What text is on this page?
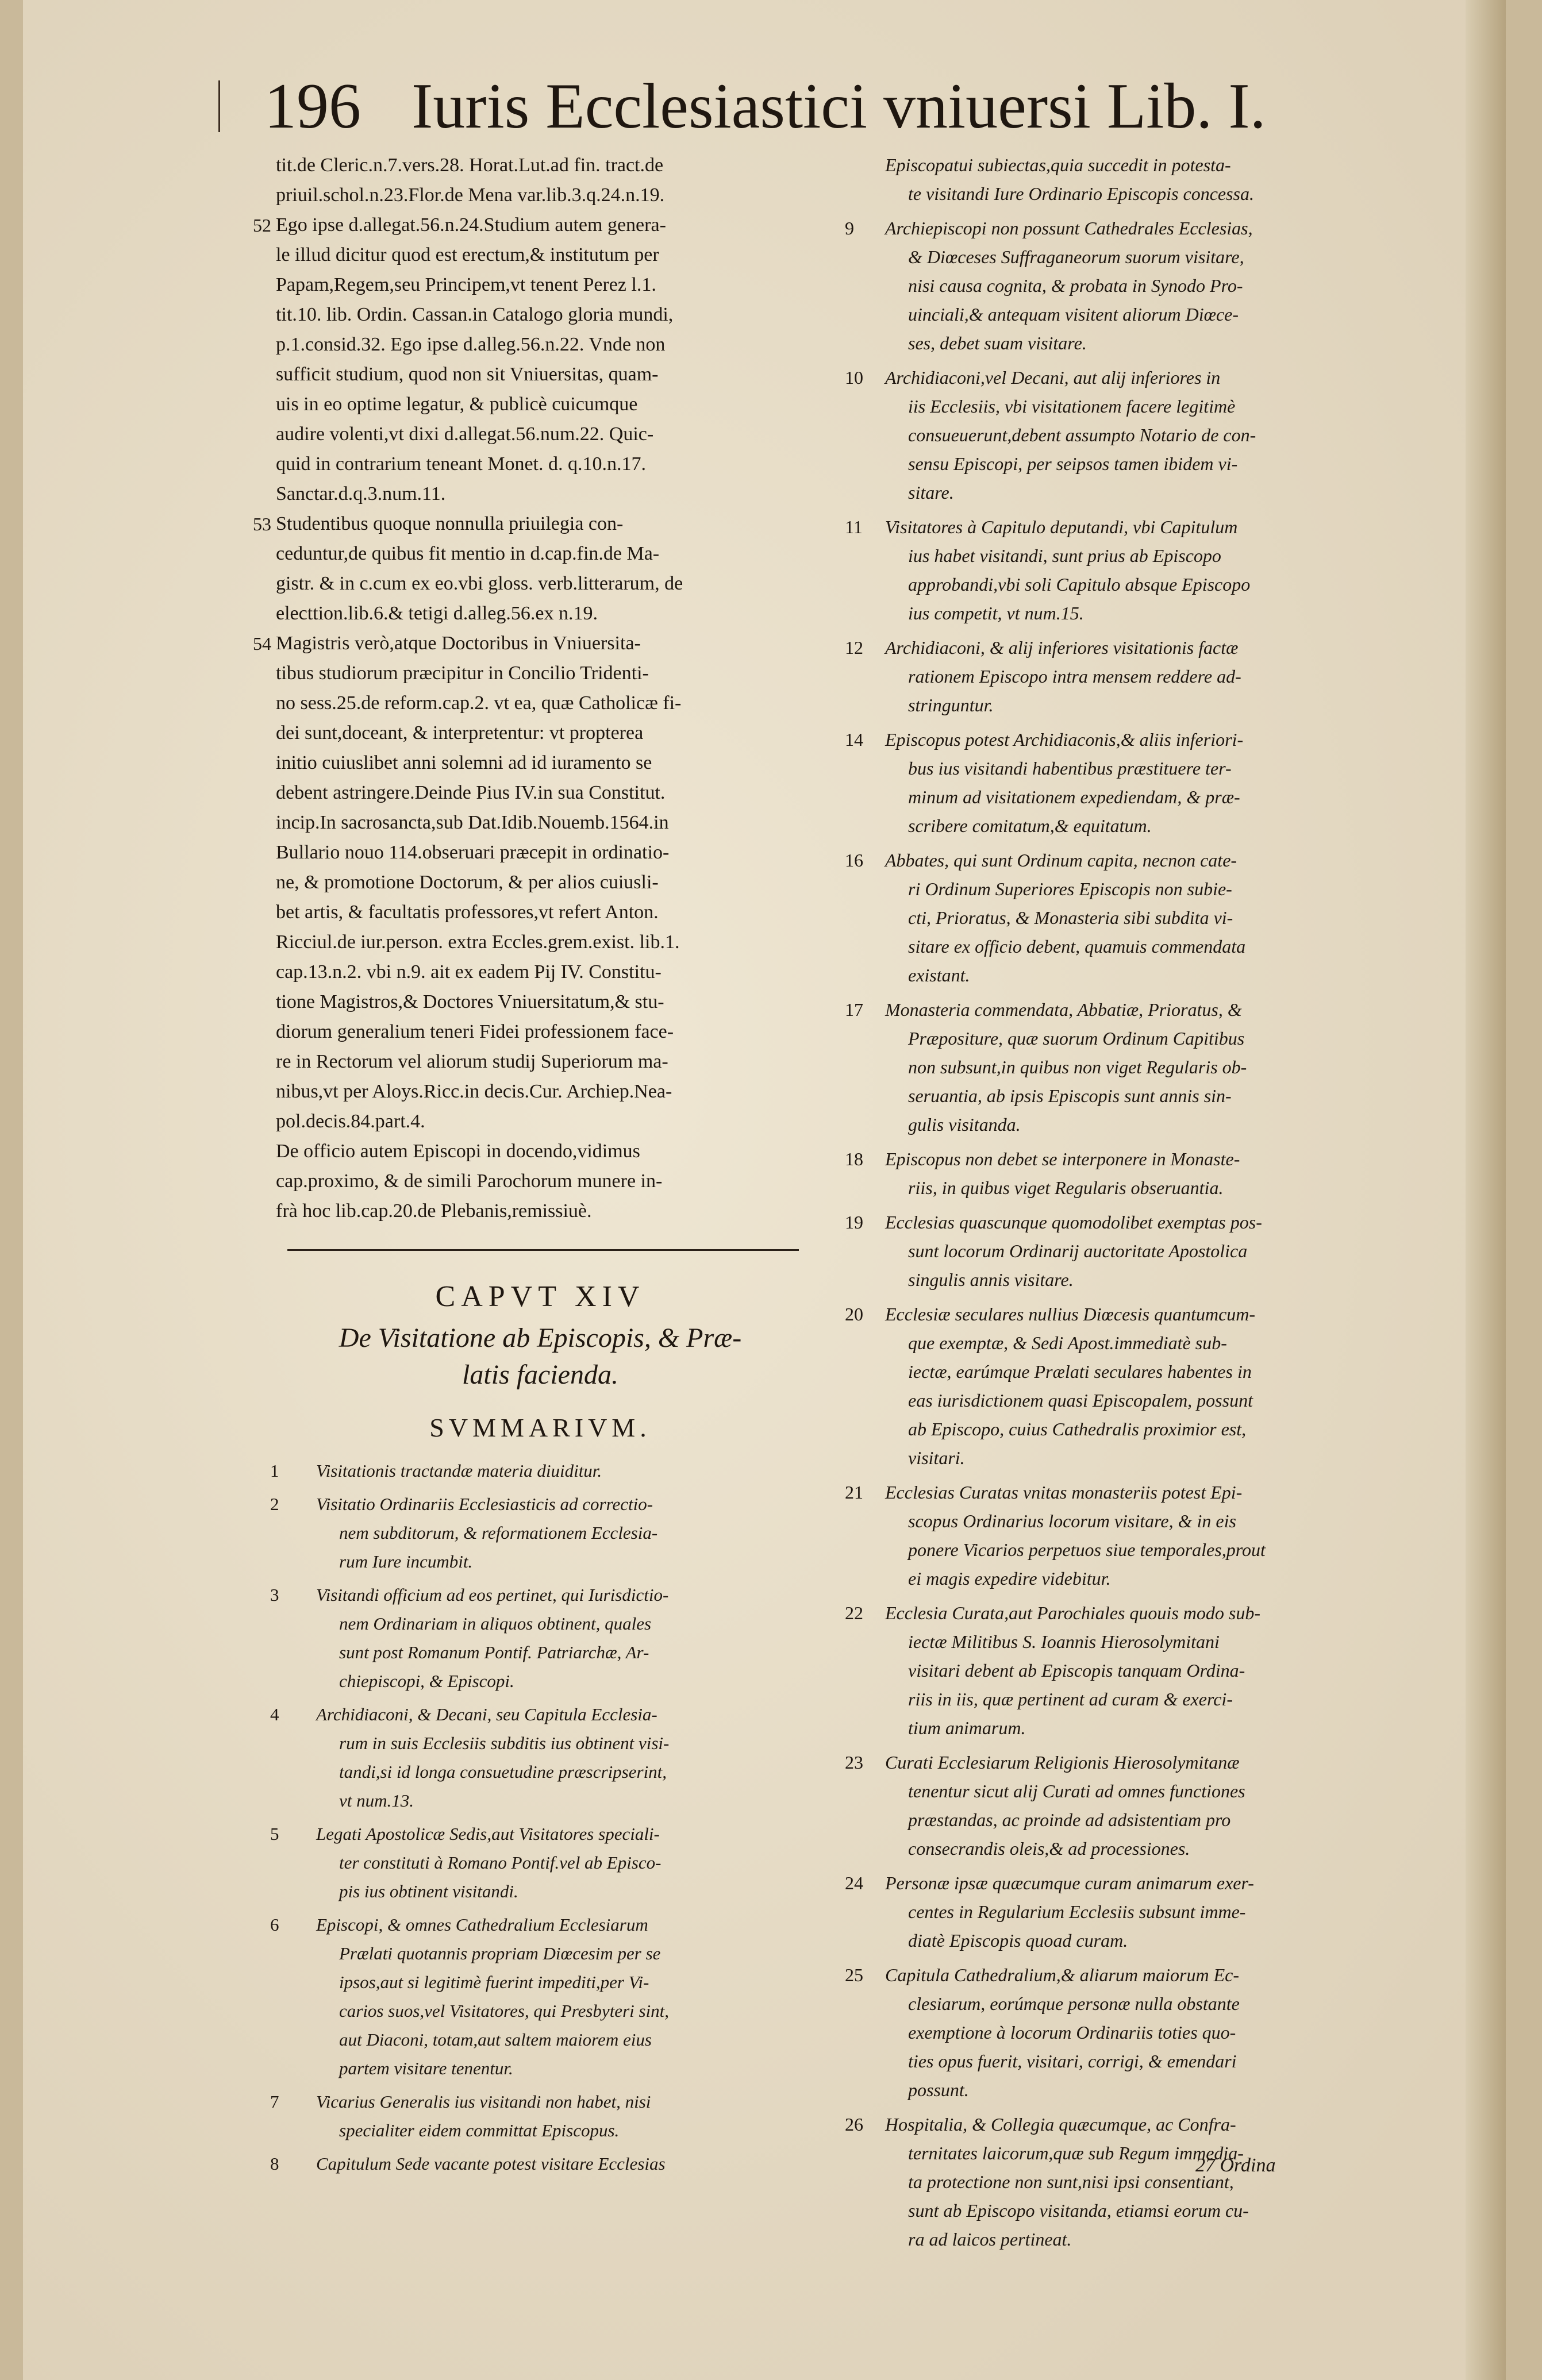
196 Iuris Ecclesiastici vniuersi Lib. I.
tit.de Cleric.n.7.vers.28. Horat.Lut.ad fin. tract.de
priuil.schol.n.23.Flor.de Mena var.lib.3.q.24.n.19.
52 Ego ipse d.allegat.56.n.24.Studium autem genera-
le illud dicitur quod est erectum,& institutum per
Papam,Regem,seu Principem,vt tenent Perez l.1.
tit.10. lib. Ordin. Cassan.in Catalogo gloria mundi,
p.1.consid.32. Ego ipse d.alleg.56.n.22. Vnde non
sufficit studium, quod non sit Vniuersitas, quam-
uis in eo optime legatur, & publicè cuicumque
audire volenti,vt dixi d.allegat.56.num.22. Quic-
quid in contrarium teneant Monet. d. q.10.n.17.
Sanctar.d.q.3.num.11.
53 Studentibus quoque nonnulla priuilegia con-
ceduntur,de quibus fit mentio in d.cap.fin.de Ma-
gistr. & in c.cum ex eo.vbi gloss. verb.litterarum, de
electtion.lib.6.& tetigi d.alleg.56.ex n.19.
54 Magistris verò,atque Doctoribus in Vniuersita-
tibus studiorum præcipitur in Concilio Tridenti-
no sess.25.de reform.cap.2. vt ea, quæ Catholicæ fi-
dei sunt,doceant, & interpretentur: vt propterea
initio cuiuslibet anni solemni ad id iuramento se
debent astringere.Deinde Pius IV.in sua Constitut.
incip.In sacrosancta,sub Dat.Idib.Nouemb.1564.in
Bullario nouo 114.obseruari præcepit in ordinatio-
ne, & promotione Doctorum, & per alios cuiusli-
bet artis, & facultatis professores,vt refert Anton.
Ricciul.de iur.person. extra Eccles.grem.exist. lib.1.
cap.13.n.2. vbi n.9. ait ex eadem Pij IV. Constitu-
tione Magistros,& Doctores Vniuersitatum,& stu-
diorum generalium teneri Fidei professionem face-
re in Rectorum vel aliorum studij Superiorum ma-
nibus,vt per Aloys.Ricc.in decis.Cur. Archiep.Nea-
pol.decis.84.part.4.
De officio autem Episcopi in docendo,vidimus
cap.proximo, & de simili Parochorum munere in-
frà hoc lib.cap.20.de Plebanis,remissiuè.
CAPVT XIV
De Visitatione ab Episcopis, & Præ-
latis facienda.
SVMMARIVM.
1	Visitationis tractandæ materia diuiditur.
2	Visitatio Ordinariis Ecclesiasticis ad correctio-
nem subditorum, & reformationem Ecclesia-
rum Iure incumbit.
3	Visitandi officium ad eos pertinet, qui Iurisdictio-
nem Ordinariam in aliquos obtinent, quales
sunt post Romanum Pontif. Patriarchæ, Ar-
chiepiscopi, & Episcopi.
4	Archidiaconi, & Decani, seu Capitula Ecclesia-
rum in suis Ecclesiis subditis ius obtinent visi-
tandi,si id longa consuetudine præscripserint,
vt num.13.
5	Legati Apostolicæ Sedis,aut Visitatores speciali-
ter constituti à Romano Pontif.vel ab Episco-
pis ius obtinent visitandi.
6	Episcopi, & omnes Cathedralium Ecclesiarum
Prælati quotannis propriam Diœcesim per se
ipsos,aut si legitimè fuerint impediti,per Vi-
carios suos,vel Visitatores, qui Presbyteri sint,
aut Diaconi, totam,aut saltem maiorem eius
partem visitare tenentur.
7	Vicarius Generalis ius visitandi non habet, nisi
specialiter eidem committat Episcopus.
8	Capitulum Sede vacante potest visitare Ecclesias
Episcopatui subiectas,quia succedit in potesta-
te visitandi Iure Ordinario Episcopis concessa.
9	Archiepiscopi non possunt Cathedrales Ecclesias,
& Diœceses Suffraganeorum suorum visitare,
nisi causa cognita, & probata in Synodo Pro-
uinciali,& antequam visitent aliorum Diœce-
ses, debet suam visitare.
10	Archidiaconi,vel Decani, aut alij inferiores in
iis Ecclesiis, vbi visitationem facere legitimè
consueuerunt,debent assumpto Notario de con-
sensu Episcopi, per seipsos tamen ibidem vi-
sitare.
11	Visitatores à Capitulo deputandi, vbi Capitulum
ius habet visitandi, sunt prius ab Episcopo
approbandi,vbi soli Capitulo absque Episcopo
ius competit, vt num.15.
12	Archidiaconi, & alij inferiores visitationis factæ
rationem Episcopo intra mensem reddere ad-
stringuntur.
14	Episcopus potest Archidiaconis,& aliis inferiori-
bus ius visitandi habentibus præstituere ter-
minum ad visitationem expediendam, & præ-
scribere comitatum,& equitatum.
16	Abbates, qui sunt Ordinum capita, necnon cate-
ri Ordinum Superiores Episcopis non subie-
cti, Prioratus, & Monasteria sibi subdita vi-
sitare ex officio debent, quamuis commendata
existant.
17	Monasteria commendata, Abbatiæ, Prioratus, &
Præpositure, quæ suorum Ordinum Capitibus
non subsunt,in quibus non viget Regularis ob-
seruantia, ab ipsis Episcopis sunt annis sin-
gulis visitanda.
18	Episcopus non debet se interponere in Monaste-
riis, in quibus viget Regularis obseruantia.
19	Ecclesias quascunque quomodolibet exemptas pos-
sunt locorum Ordinarij auctoritate Apostolica
singulis annis visitare.
20	Ecclesiæ seculares nullius Diœcesis quantumcum-
que exemptæ, & Sedi Apost.immediatè sub-
iectæ, earúmque Prælati seculares habentes in
eas iurisdictionem quasi Episcopalem, possunt
ab Episcopo, cuius Cathedralis proximior est,
visitari.
21	Ecclesias Curatas vnitas monasteriis potest Epi-
scopus Ordinarius locorum visitare, & in eis
ponere Vicarios perpetuos siue temporales,prout
ei magis expedire videbitur.
22	Ecclesia Curata,aut Parochiales quouis modo sub-
iectæ Militibus S. Ioannis Hierosolymitani
visitari debent ab Episcopis tanquam Ordina-
riis in iis, quæ pertinent ad curam & exerci-
tium animarum.
23	Curati Ecclesiarum Religionis Hierosolymitanæ
tenentur sicut alij Curati ad omnes functiones
præstandas, ac proinde ad adsistentiam pro
consecrandis oleis,& ad processiones.
24	Personæ ipsæ quæcumque curam animarum exer-
centes in Regularium Ecclesiis subsunt imme-
diatè Episcopis quoad curam.
25	Capitula Cathedralium,& aliarum maiorum Ec-
clesiarum, eorúmque personæ nulla obstante
exemptione à locorum Ordinariis toties quo-
ties opus fuerit, visitari, corrigi, & emendari
possunt.
26	Hospitalia, & Collegia quæcumque, ac Confra-
ternitates laicorum,quæ sub Regum immedia-
ta protectione non sunt,nisi ipsi consentiant,
sunt ab Episcopo visitanda, etiamsi eorum cu-
ra ad laicos pertineat.
27 Ordina
